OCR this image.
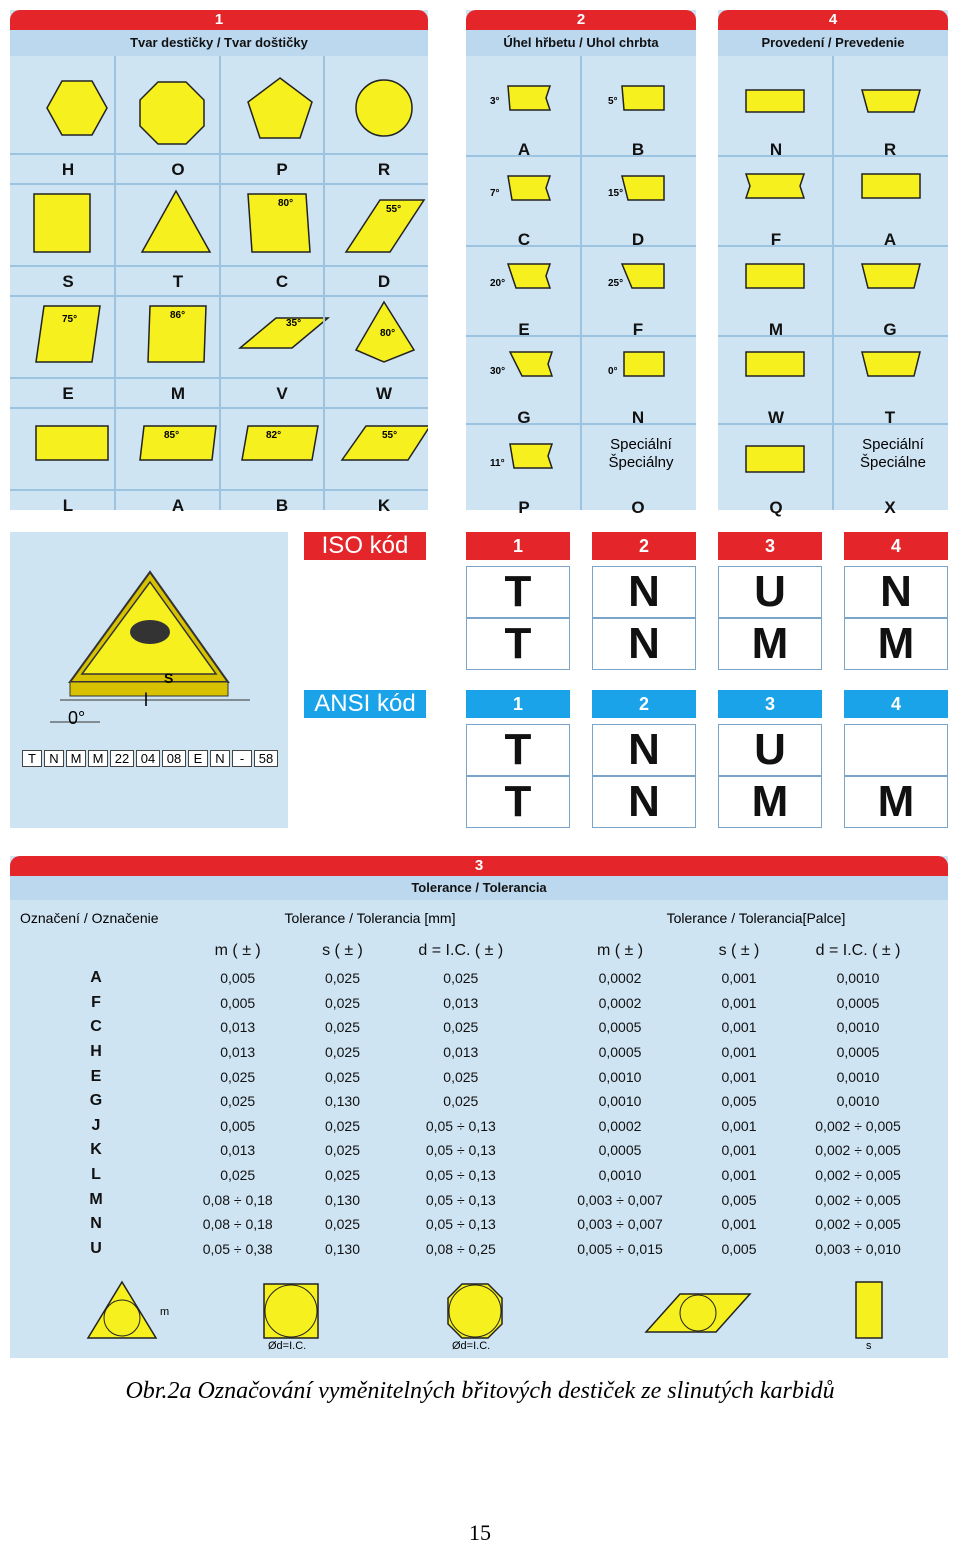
1
Tvar destičky / Tvar doštičky
H	O	P	R
S	T	C	D
E	M	V	W
L	A	B	K
80°
55°
75°	86°
35°
80°
85°	82°	55°
2
Úhel hřbetu / Uhol chrbta
3°	5°
7°	15°
20°	25°
30°	0°
11°
Speciální
Špeciálny
A	B
C	D
E	F
G	N
P	O
4
Provedení / Prevedenie
Speciální
Špeciálne
N	R
F	A
M	G
W	T
Q	X
S
l
0°
T	N M M 22 04 08 E N	-	58
ISO kód
ANSI kód
1	2	3	4
T	N	U	N
T	N	M	M
1	2	3	4
T	N	U
T	N	M	M
3
Tolerance / Tolerancia
Označení / Označenie	Tolerance / Tolerancia [mm]	Tolerance / Tolerancia[Palce]
	m ( ± )	s ( ± )	d = I.C. ( ± )	m ( ± )	s ( ± )	d = I.C. ( ± )
A	0,005	0,025	0,025	0,0002	0,001	0,0010
F	0,005	0,025	0,013	0,0002	0,001	0,0005
C	0,013	0,025	0,025	0,0005	0,001	0,0010
H	0,013	0,025	0,013	0,0005	0,001	0,0005
E	0,025	0,025	0,025	0,0010	0,001	0,0010
G	0,025	0,130	0,025	0,0010	0,005	0,0010
J	0,005	0,025	0,05 ÷ 0,13	0,0002	0,001	0,002 ÷ 0,005
K	0,013	0,025	0,05 ÷ 0,13	0,0005	0,001	0,002 ÷ 0,005
L	0,025	0,025	0,05 ÷ 0,13	0,0010	0,001	0,002 ÷ 0,005
M	0,08 ÷ 0,18	0,130	0,05 ÷ 0,13	0,003 ÷ 0,007	0,005	0,002 ÷ 0,005
N	0,08 ÷ 0,18	0,025	0,05 ÷ 0,13	0,003 ÷ 0,007	0,001	0,002 ÷ 0,005
U	0,05 ÷ 0,38	0,130	0,08 ÷ 0,25	0,005 ÷ 0,015	0,005	0,003 ÷ 0,010
Ød=I.C.	Ød=I.C.
m
s
Obr.2a Označování vyměnitelných břitových destiček ze slinutých karbidů
15
